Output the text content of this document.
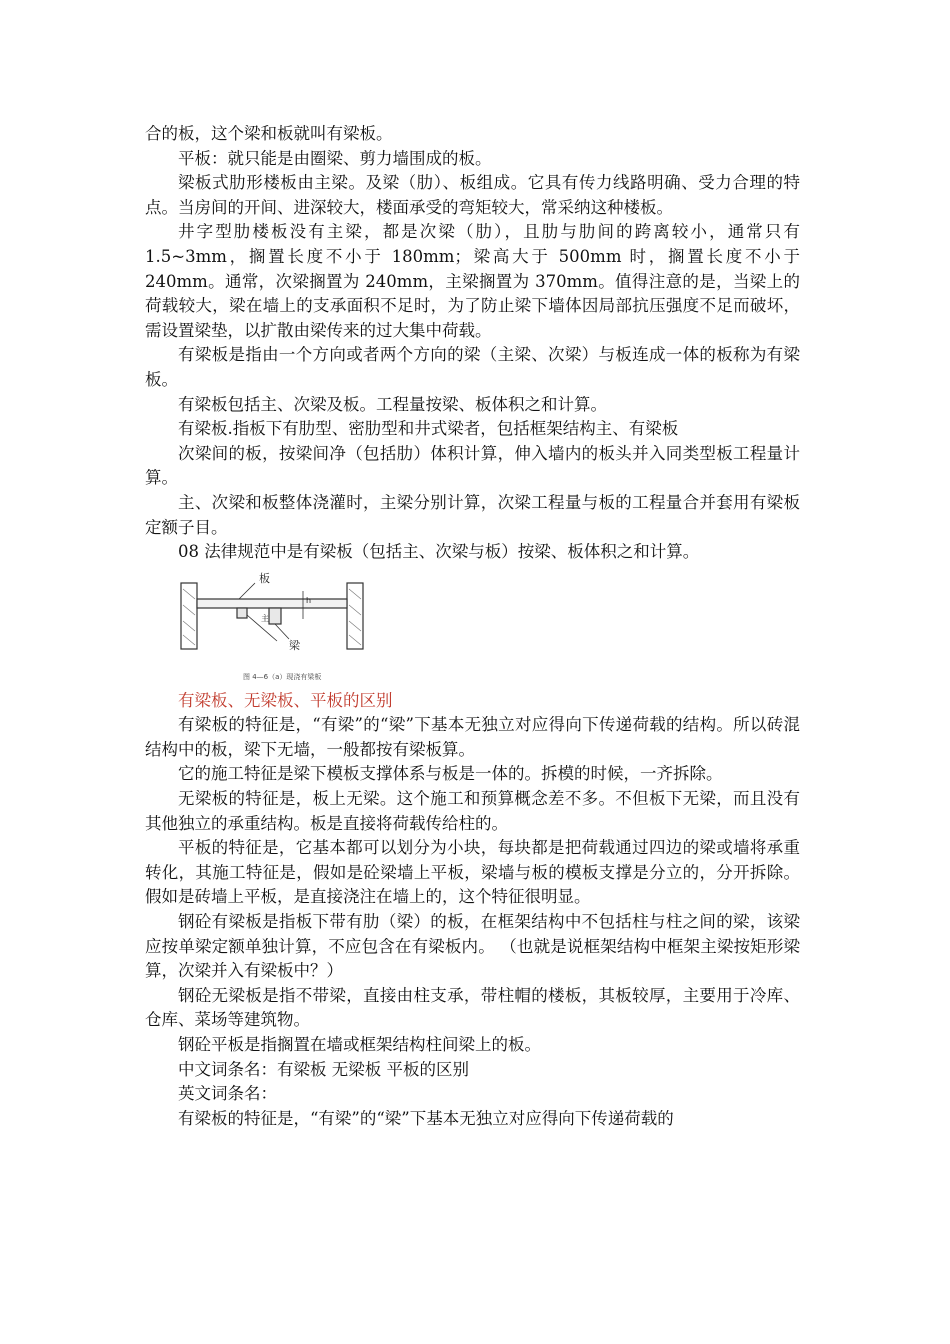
合的板，这个梁和板就叫有梁板。

平板：就只能是由圈梁、剪力墙围成的板。

梁板式肋形楼板由主梁。及梁（肋）、板组成。它具有传力线路明确、受力合理的特点。当房间的开间、进深较大，楼面承受的弯矩较大，常采纳这种楼板。

井字型肋楼板没有主梁，都是次梁（肋），且肋与肋间的跨离较小，通常只有 1.5~3mm，搁置长度不小于 180mm；梁高大于 500mm 时，搁置长度不小于 240mm。通常，次梁搁置为 240mm，主梁搁置为 370mm。值得注意的是，当梁上的荷载较大，梁在墙上的支承面积不足时，为了防止梁下墙体因局部抗压强度不足而破坏，需设置梁垫，以扩散由梁传来的过大集中荷载。

有梁板是指由一个方向或者两个方向的梁（主梁、次梁）与板连成一体的板称为有梁板。

有梁板包括主、次梁及板。工程量按梁、板体积之和计算。

有梁板.指板下有肋型、密肋型和井式梁者，包括框架结构主、有梁板

次梁间的板，按梁间净（包括肋）体积计算，伸入墙内的板头并入同类型板工程量计算。

主、次梁和板整体浇灌时，主梁分别计算，次梁工程量与板的工程量合并套用有梁板定额子目。

08 法律规范中是有梁板（包括主、次梁与板）按梁、板体积之和计算。

板
梁
主
h
图 4—6（a）现浇有梁板

有梁板、无梁板、平板的区别

有梁板的特征是，“有梁”的“梁”下基本无独立对应得向下传递荷载的结构。所以砖混结构中的板，梁下无墙，一般都按有梁板算。

它的施工特征是梁下模板支撑体系与板是一体的。拆模的时候，一齐拆除。

无梁板的特征是，板上无梁。这个施工和预算概念差不多。不但板下无梁，而且没有其他独立的承重结构。板是直接将荷载传给柱的。

平板的特征是，它基本都可以划分为小块，每块都是把荷载通过四边的梁或墙将承重转化，其施工特征是，假如是砼梁墙上平板，梁墙与板的模板支撑是分立的，分开拆除。假如是砖墙上平板，是直接浇注在墙上的，这个特征很明显。

钢砼有梁板是指板下带有肋（梁）的板，在框架结构中不包括柱与柱之间的梁，该梁应按单梁定额单独计算，不应包含在有梁板内。 （也就是说框架结构中框架主梁按矩形梁算，次梁并入有梁板中？）

钢砼无梁板是指不带梁，直接由柱支承，带柱帽的楼板，其板较厚，主要用于冷库、仓库、菜场等建筑物。

钢砼平板是指搁置在墙或框架结构柱间梁上的板。

中文词条名：有梁板 无梁板 平板的区别

英文词条名：

有梁板的特征是，“有梁”的“梁”下基本无独立对应得向下传递荷载的
